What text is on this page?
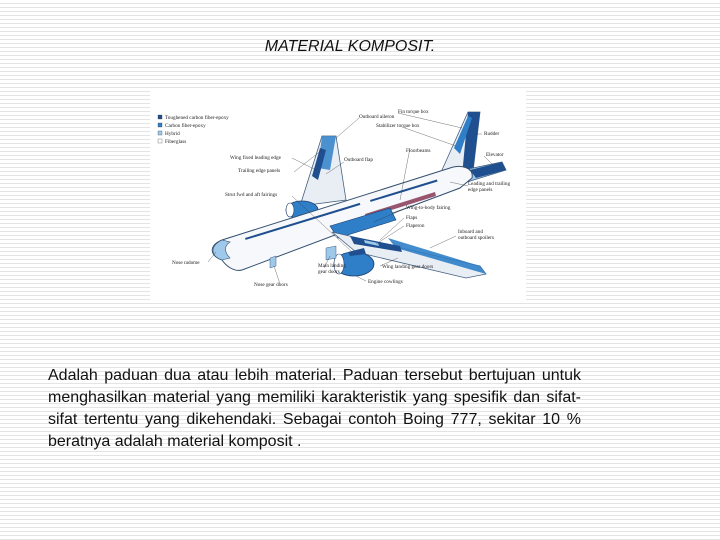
MATERIAL KOMPOSIT.
Toughened carbon fiber-epoxy
Carbon fiber-epoxy
Hybrid
Fiberglass
Outboard aileron
Fin torque box
Stabilizer torque box
Rudder
Floorbeams
Elevator
Wing fixed leading edge
Trailing edge panels
Outboard flap
Strut fwd and aft fairings
Leading and trailing
edge panels
Wing-to-body fairing
Flaps
Flaperon
Inboard and
outboard spoilers
Nose radome	Main landing
gear doors
Wing landing gear doors
Nose gear doors	Engine cowlings
Adalah paduan dua atau lebih material. Paduan tersebut bertujuan untuk menghasilkan material yang memiliki karakteristik yang spesifik dan sifat-sifat tertentu yang dikehendaki. Sebagai contoh Boing 777, sekitar 10 % beratnya adalah material komposit .
